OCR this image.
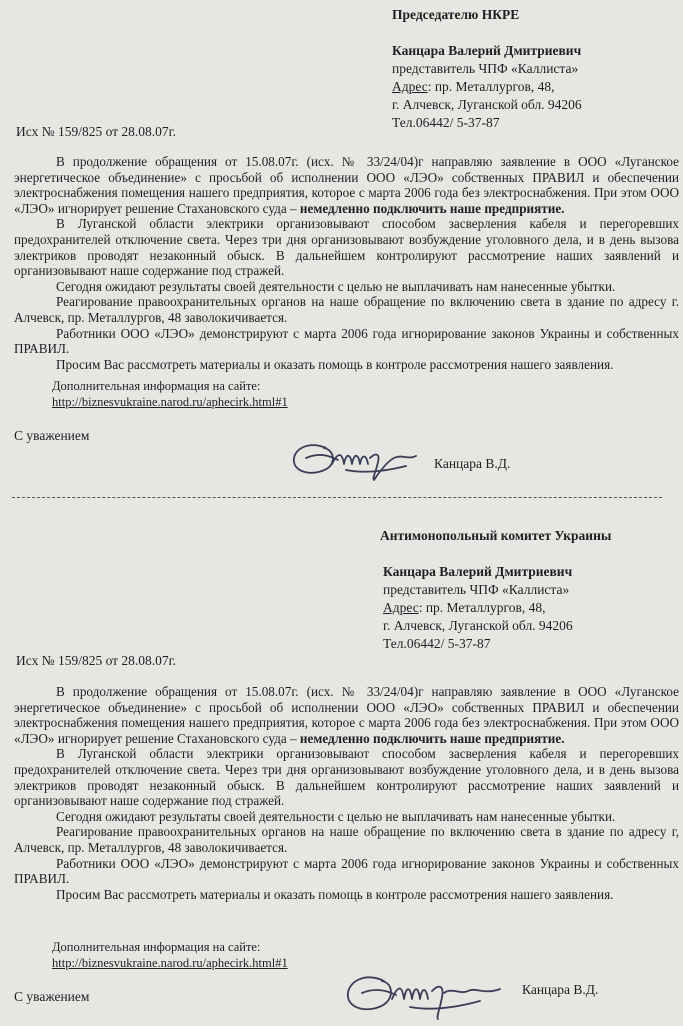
Председателю НКРЕ
Канцара Валерий Дмитриевич
представитель ЧПФ «Каллиста»
Адрес: пр. Металлургов, 48,
г. Алчевск, Луганской обл. 94206
Тел.06442/ 5-37-87
Исх № 159/825 от 28.08.07г.

В продолжение обращения от 15.08.07г. (исх. № 33/24/04)г направляю заявление в ООО «Луганское энергетическое объединение» с просьбой об исполнении ООО «ЛЭО» собственных ПРАВИЛ и обеспечении электроснабжения помещения нашего предприятия, которое с марта 2006 года без электроснабжения. При этом ООО «ЛЭО» игнорирует решение Стахановского суда – немедленно подключить наше предприятие.

В Луганской области электрики организовывают способом засверления кабеля и перегоревших предохранителей отключение света. Через три дня организовывают возбуждение уголовного дела, и в день вызова электриков проводят незаконный обыск. В дальнейшем контролируют рассмотрение наших заявлений и организовывают наше содержание под стражей.

Сегодня ожидают результаты своей деятельности с целью не выплачивать нам нанесенные убытки.

Реагирование правоохранительных органов на наше обращение по включению света в здание по адресу г. Алчевск, пр. Металлургов, 48 заволокичивается.

Работники ООО «ЛЭО» демонстрируют с марта 2006 года игнорирование законов Украины и собственных ПРАВИЛ.

Просим Вас рассмотреть материалы и оказать помощь в контроле рассмотрения нашего заявления.

Дополнительная информация на сайте:
http://biznesvukraine.narod.ru/aphecirk.html#1
С уважением
Канцара В.Д.
Антимонопольный комитет Украины
Канцара Валерий Дмитриевич
представитель ЧПФ «Каллиста»
Адрес: пр. Металлургов, 48,
г. Алчевск, Луганской обл. 94206
Тел.06442/ 5-37-87
Исх № 159/825 от 28.08.07г.

В продолжение обращения от 15.08.07г. (исх. № 33/24/04)г направляю заявление в ООО «Луганское энергетическое объединение» с просьбой об исполнении ООО «ЛЭО» собственных ПРАВИЛ и обеспечении электроснабжения помещения нашего предприятия, которое с марта 2006 года без электроснабжения. При этом ООО «ЛЭО» игнорирует решение Стахановского суда – немедленно подключить наше предприятие.

В Луганской области электрики организовывают способом засверления кабеля и перегоревших предохранителей отключение света. Через три дня организовывают возбуждение уголовного дела, и в день вызова электриков проводят незаконный обыск. В дальнейшем контролируют рассмотрение наших заявлений и организовывают наше содержание под стражей.

Сегодня ожидают результаты своей деятельности с целью не выплачивать нам нанесенные убытки.

Реагирование правоохранительных органов на наше обращение по включению света в здание по адресу г, Алчевск, пр. Металлургов, 48 заволокичивается.

Работники ООО «ЛЭО» демонстрируют с марта 2006 года игнорирование законов Украины и собственных ПРАВИЛ.

Просим Вас рассмотреть материалы и оказать помощь в контроле рассмотрения нашего заявления.

Дополнительная информация на сайте:
http://biznesvukraine.narod.ru/aphecirk.html#1
С уважением	Канцара В.Д.
